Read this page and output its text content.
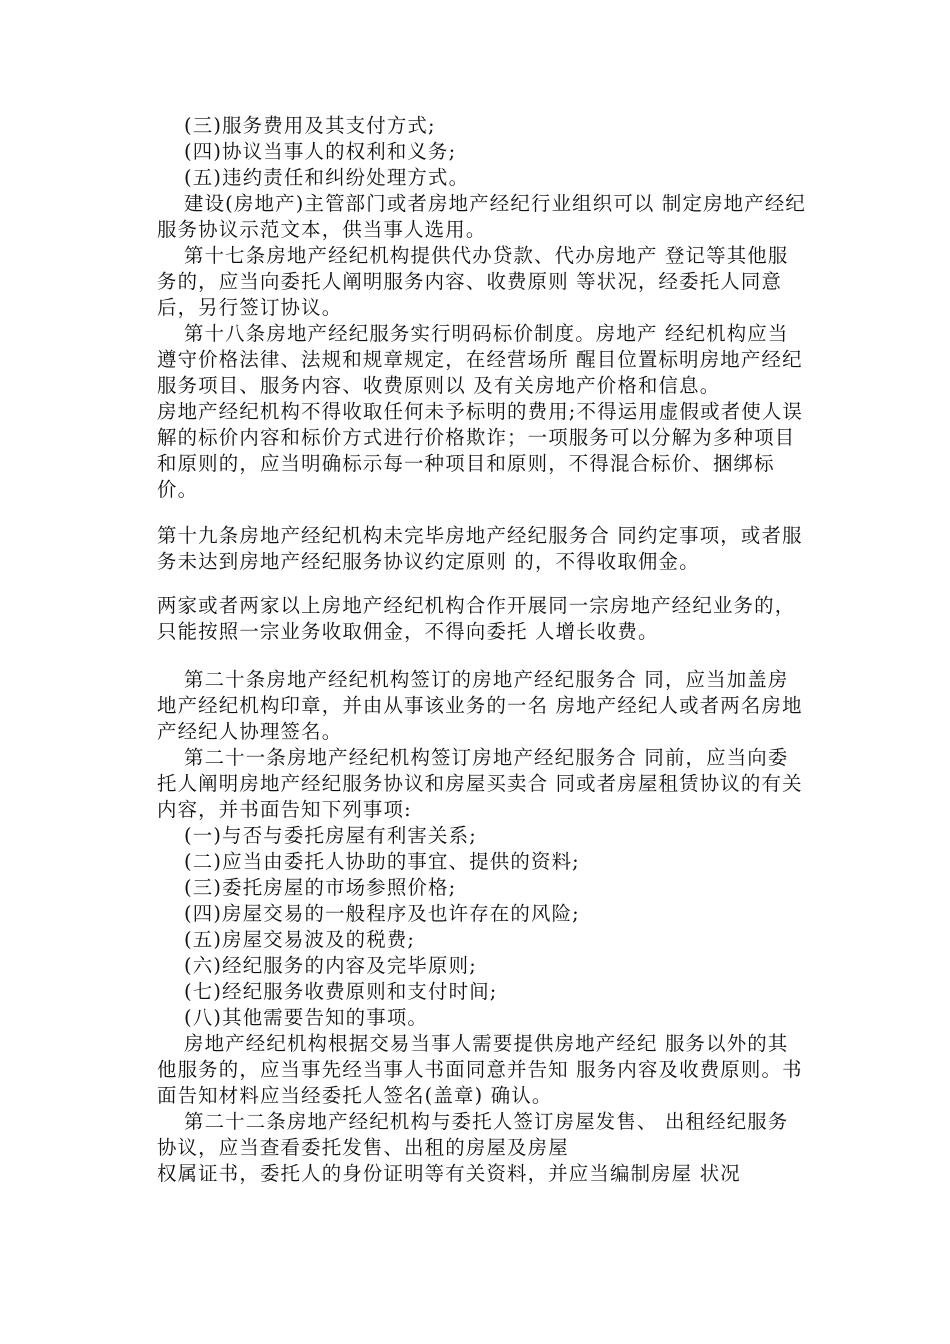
(三)服务费用及其支付方式;

(四)协议当事人的权利和义务;

(五)违约责任和纠纷处理方式。

建设(房地产)主管部门或者房地产经纪行业组织可以 制定房地产经纪服务协议示范文本，供当事人选用。

第十七条房地产经纪机构提供代办贷款、代办房地产 登记等其他服务的，应当向委托人阐明服务内容、收费原则 等状况，经委托人同意后，另行签订协议。

第十八条房地产经纪服务实行明码标价制度。房地产 经纪机构应当遵守价格法律、法规和规章规定，在经营场所 醒目位置标明房地产经纪服务项目、服务内容、收费原则以 及有关房地产价格和信息。

房地产经纪机构不得收取任何未予标明的费用;不得运用虚假或者使人误解的标价内容和标价方式进行价格欺诈；一项服务可以分解为多种项目和原则的，应当明确标示每一种项目和原则，不得混合标价、捆绑标价。

第十九条房地产经纪机构未完毕房地产经纪服务合 同约定事项，或者服务未达到房地产经纪服务协议约定原则 的，不得收取佣金。

两家或者两家以上房地产经纪机构合作开展同一宗房地产经纪业务的，只能按照一宗业务收取佣金，不得向委托 人增长收费。

第二十条房地产经纪机构签订的房地产经纪服务合 同，应当加盖房地产经纪机构印章，并由从事该业务的一名 房地产经纪人或者两名房地产经纪人协理签名。

第二十一条房地产经纪机构签订房地产经纪服务合 同前，应当向委托人阐明房地产经纪服务协议和房屋买卖合 同或者房屋租赁协议的有关内容，并书面告知下列事项:

(一)与否与委托房屋有利害关系;

(二)应当由委托人协助的事宜、提供的资料;

(三)委托房屋的市场参照价格;

(四)房屋交易的一般程序及也许存在的风险;

(五)房屋交易波及的税费;

(六)经纪服务的内容及完毕原则;

(七)经纪服务收费原则和支付时间;

(八)其他需要告知的事项。

房地产经纪机构根据交易当事人需要提供房地产经纪 服务以外的其他服务的，应当事先经当事人书面同意并告知 服务内容及收费原则。书面告知材料应当经委托人签名(盖章) 确认。

第二十二条房地产经纪机构与委托人签订房屋发售、 出租经纪服务协议，应当查看委托发售、出租的房屋及房屋

权属证书，委托人的身份证明等有关资料，并应当编制房屋 状况
